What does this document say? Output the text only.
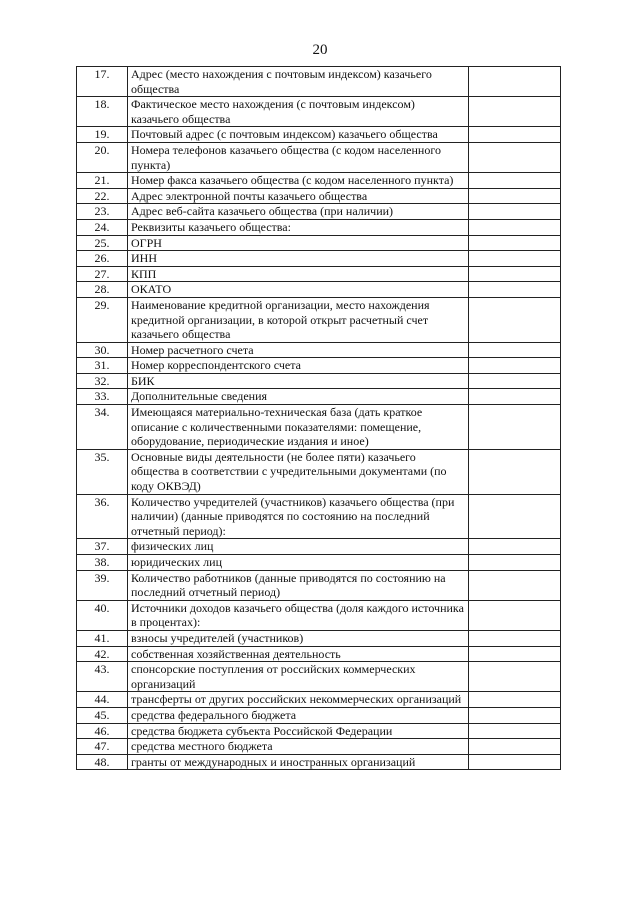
20
17.	Адрес (место нахождения с почтовым индексом) казачьего общества	
18.	Фактическое место нахождения (с почтовым индексом) казачьего общества	
19.	Почтовый адрес (с почтовым индексом) казачьего общества	
20.	Номера телефонов казачьего общества (с кодом населенного пункта)	
21.	Номер факса казачьего общества (с кодом населенного пункта)	
22.	Адрес электронной почты казачьего общества	
23.	Адрес веб-сайта казачьего общества (при наличии)	
24.	Реквизиты казачьего общества:	
25.	ОГРН	
26.	ИНН	
27.	КПП	
28.	ОКАТО	
29.	Наименование кредитной организации, место нахождения кредитной организации, в которой открыт расчетный счет казачьего общества	
30.	Номер расчетного счета	
31.	Номер корреспондентского счета	
32.	БИК	
33.	Дополнительные сведения	
34.	Имеющаяся материально-техническая база (дать краткое описание с количественными показателями: помещение, оборудование, периодические издания и иное)	
35.	Основные виды деятельности (не более пяти) казачьего общества в соответствии с учредительными документами (по коду ОКВЭД)	
36.	Количество учредителей (участников) казачьего общества (при наличии) (данные приводятся по состоянию на последний отчетный период):	
37.	физических лиц	
38.	юридических лиц	
39.	Количество работников (данные приводятся по состоянию на последний отчетный период)	
40.	Источники доходов казачьего общества (доля каждого источника в процентах):	
41.	взносы учредителей (участников)	
42.	собственная хозяйственная деятельность	
43.	спонсорские поступления от российских коммерческих организаций	
44.	трансферты от других российских некоммерческих организаций	
45.	средства федерального бюджета	
46.	средства бюджета субъекта Российской Федерации	
47.	средства местного бюджета	
48.	гранты от международных и иностранных организаций	
